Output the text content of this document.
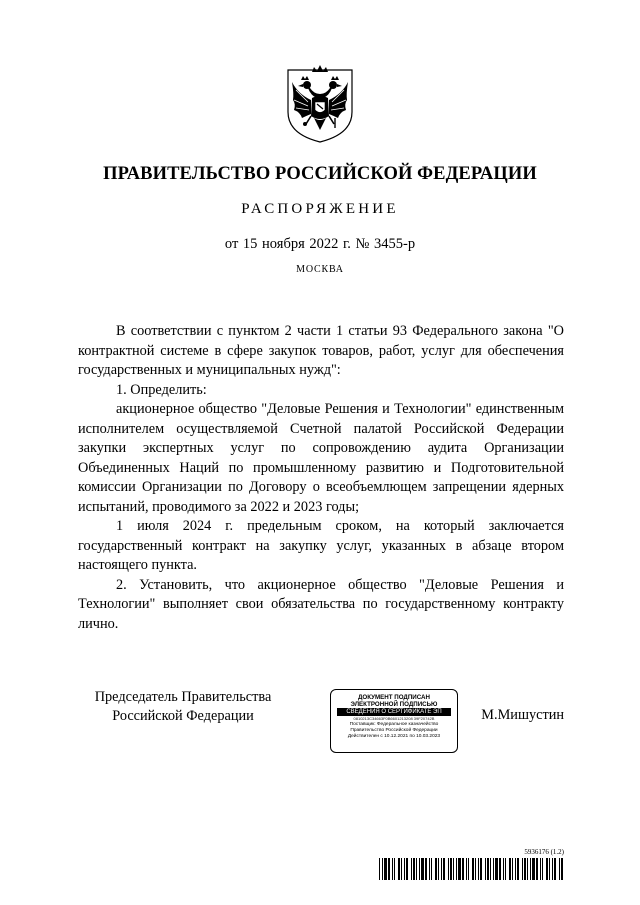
ПРАВИТЕЛЬСТВО РОССИЙСКОЙ ФЕДЕРАЦИИ
РАСПОРЯЖЕНИЕ
от 15 ноября 2022 г. № 3455-р
МОСКВА

В соответствии с пунктом 2 части 1 статьи 93 Федерального закона "О контрактной системе в сфере закупок товаров, работ, услуг для обеспечения государственных и муниципальных нужд":

1. Определить:

акционерное общество "Деловые Решения и Технологии" единственным исполнителем осуществляемой Счетной палатой Российской Федерации закупки экспертных услуг по сопровождению аудита Организации Объединенных Наций по промышленному развитию и Подготовительной комиссии Организации по Договору о всеобъемлющем запрещении ядерных испытаний, проводимого за 2022 и 2023 годы;

1 июля 2024 г. предельным сроком, на который заключается государственный контракт на закупку услуг, указанных в абзаце втором настоящего пункта.

2. Установить, что акционерное общество "Деловые Решения и Технологии" выполняет свои обязательства по государственному контракту лично.

Председатель Правительства
Российской Федерации
ДОКУМЕНТ ПОДПИСАН
ЭЛЕКТРОННОЙ ПОДПИСЬЮ
СВЕДЕНИЯ О СЕРТИФИКАТЕ ЭП
0810213C34663F0B6601213208 39F20742B
Поставщик: Федеральное казначейство
Правительство Российской Федерации
Действителен с 10.12.2021 по 10.03.2023
М.Мишустин
5936176 (1.2)
